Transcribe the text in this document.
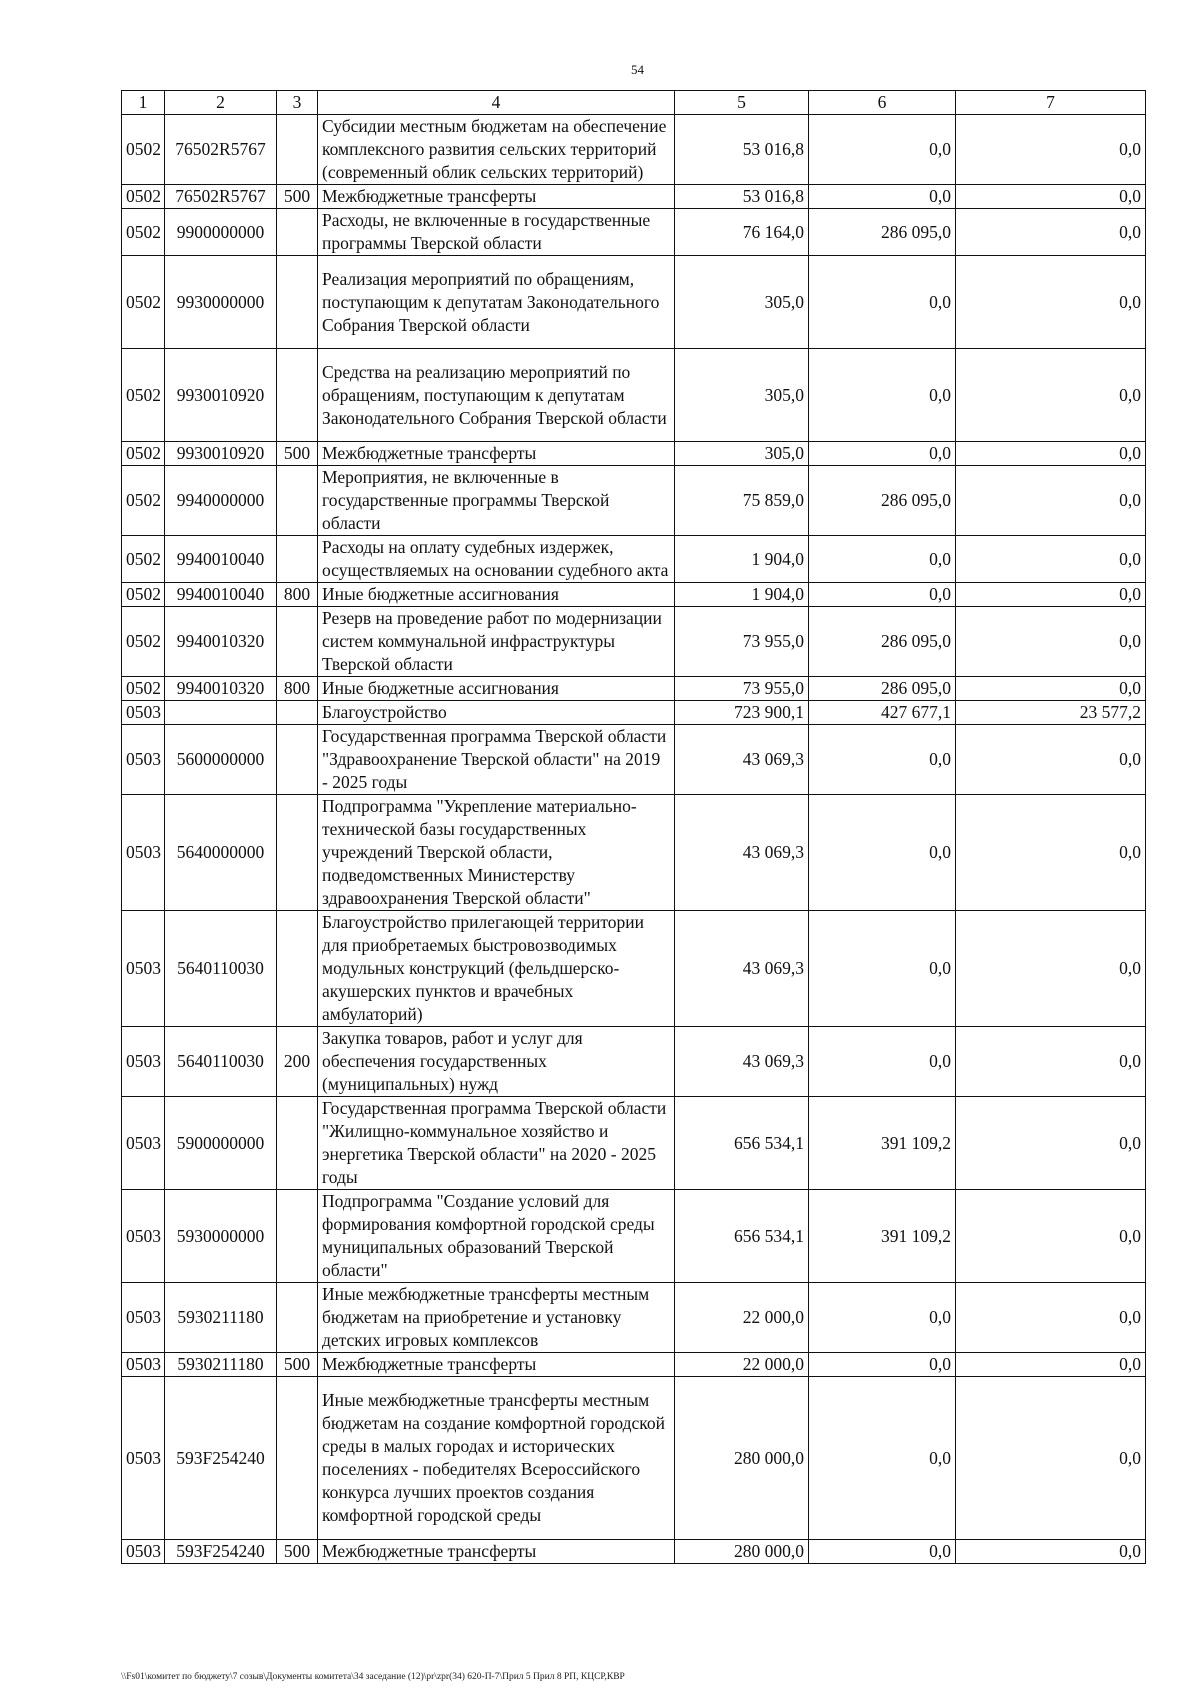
54
1	2	3	4	5	6	7
0502	76502R5767		Субсидии местным бюджетам на обеспечение комплексного развития сельских территорий (современный облик сельских территорий)	53 016,8	0,0	0,0
0502	76502R5767	500	Межбюджетные трансферты	53 016,8	0,0	0,0
0502	9900000000		Расходы, не включенные в государственные программы Тверской области	76 164,0	286 095,0	0,0
0502	9930000000		Реализация мероприятий по обращениям, поступающим к депутатам Законодательного Собрания Тверской области	305,0	0,0	0,0
0502	9930010920		Средства на реализацию мероприятий по обращениям, поступающим к депутатам Законодательного Собрания Тверской области	305,0	0,0	0,0
0502	9930010920	500	Межбюджетные трансферты	305,0	0,0	0,0
0502	9940000000		Мероприятия, не включенные в государственные программы Тверской области	75 859,0	286 095,0	0,0
0502	9940010040		Расходы на оплату судебных издержек, осуществляемых на основании судебного акта	1 904,0	0,0	0,0
0502	9940010040	800	Иные бюджетные ассигнования	1 904,0	0,0	0,0
0502	9940010320		Резерв на проведение работ по модернизации систем коммунальной инфраструктуры Тверской области	73 955,0	286 095,0	0,0
0502	9940010320	800	Иные бюджетные ассигнования	73 955,0	286 095,0	0,0
0503			Благоустройство	723 900,1	427 677,1	23 577,2
0503	5600000000		Государственная программа Тверской области "Здравоохранение Тверской области" на 2019 - 2025 годы	43 069,3	0,0	0,0
0503	5640000000		Подпрограмма "Укрепление материально-технической базы государственных учреждений Тверской области, подведомственных Министерству здравоохранения Тверской области"	43 069,3	0,0	0,0
0503	5640110030		Благоустройство прилегающей территории для приобретаемых быстровозводимых модульных конструкций (фельдшерско-акушерских пунктов и врачебных амбулаторий)	43 069,3	0,0	0,0
0503	5640110030	200	Закупка товаров, работ и услуг для обеспечения государственных (муниципальных) нужд	43 069,3	0,0	0,0
0503	5900000000		Государственная программа Тверской области "Жилищно-коммунальное хозяйство и энергетика Тверской области" на 2020 - 2025 годы	656 534,1	391 109,2	0,0
0503	5930000000		Подпрограмма "Создание условий для формирования комфортной городской среды муниципальных образований Тверской области"	656 534,1	391 109,2	0,0
0503	5930211180		Иные межбюджетные трансферты местным бюджетам на приобретение и установку детских игровых комплексов	22 000,0	0,0	0,0
0503	5930211180	500	Межбюджетные трансферты	22 000,0	0,0	0,0
0503	593F254240		Иные межбюджетные трансферты местным бюджетам на создание комфортной городской среды в малых городах и исторических поселениях - победителях Всероссийского конкурса лучших проектов создания комфортной городской среды	280 000,0	0,0	0,0
0503	593F254240	500	Межбюджетные трансферты	280 000,0	0,0	0,0
\\Fs01\комитет по бюджету\7 созыв\Документы комитета\34 заседание (12)\pr\zpr(34) 620-П-7\Прил 5 Прил 8 РП, КЦСР,КВР
